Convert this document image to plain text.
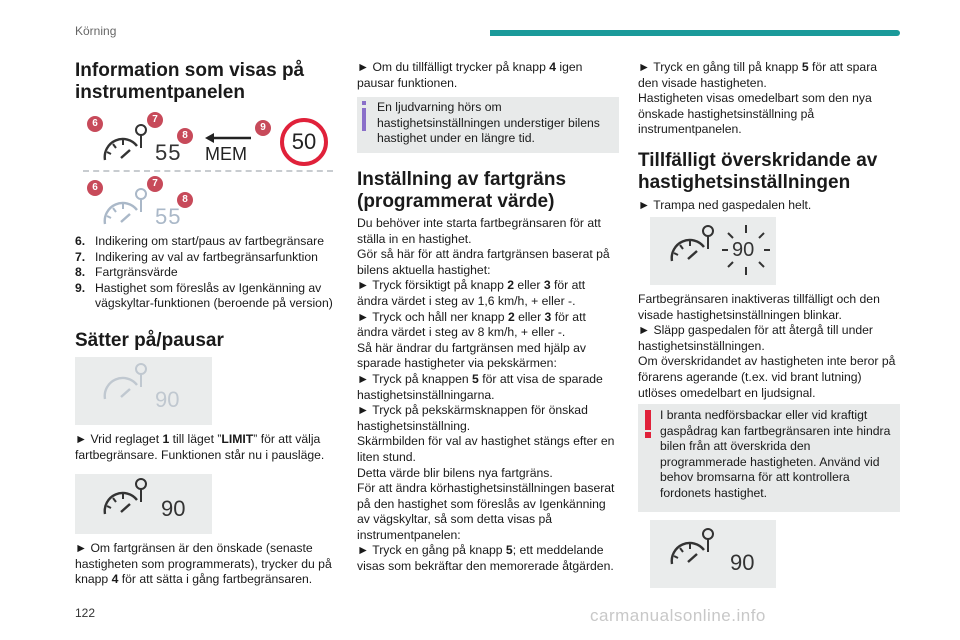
Körning
Information som visas på instrumentpanelen
6	7
8
55 MEM
9
50
6	7
8
55
6. Indikering om start/paus av fartbegränsare
7. Indikering av val av fartbegränsarfunktion
8. Fartgränsvärde
9. Hastighet som föreslås av Igenkänning av vägskyltar-funktionen (beroende på version)
Sätter på/pausar
90
► Vrid reglaget 1 till läget ”LIMIT” för att välja fartbegränsare. Funktionen står nu i pausläge.
90
► Om fartgränsen är den önskade (senaste hastigheten som programmerats), trycker du på knapp 4 för att sätta i gång fartbegränsaren.
► Om du tillfälligt trycker på knapp 4 igen pausar funktionen.
En ljudvarning hörs om hastighetsinställningen understiger bilens hastighet under en längre tid.
Inställning av fartgräns (programmerat värde)
Du behöver inte starta fartbegränsaren för att ställa in en hastighet.
Gör så här för att ändra fartgränsen baserat på bilens aktuella hastighet:
► Tryck försiktigt på knapp 2 eller 3 för att ändra värdet i steg av 1,6 km/h, + eller -.
► Tryck och håll ner knapp 2 eller 3 för att ändra värdet i steg av 8 km/h, + eller -.
Så här ändrar du fartgränsen med hjälp av sparade hastigheter via pekskärmen:
► Tryck på knappen 5 för att visa de sparade hastighetsinställningarna.
► Tryck på pekskärmsknappen för önskad hastighetsinställning.
Skärmbilden för val av hastighet stängs efter en liten stund.
Detta värde blir bilens nya fartgräns.
För att ändra körhastighetsinställningen baserat på den hastighet som föreslås av Igenkänning av vägskyltar, så som detta visas på instrumentpanelen:
► Tryck en gång på knapp 5; ett meddelande visas som bekräftar den memorerade åtgärden.
► Tryck en gång till på knapp 5 för att spara den visade hastigheten.
Hastigheten visas omedelbart som den nya önskade hastighetsinställning på instrumentpanelen.
Tillfälligt överskridande av hastighetsinställningen
► Trampa ned gaspedalen helt.
90
Fartbegränsaren inaktiveras tillfälligt och den visade hastighetsinställningen blinkar.
► Släpp gaspedalen för att återgå till under hastighetsinställningen.
Om överskridandet av hastigheten inte beror på förarens agerande (t.ex. vid brant lutning) utlöses omedelbart en ljudsignal.
I branta nedförsbackar eller vid kraftigt gaspådrag kan fartbegränsaren inte hindra bilen från att överskrida den programmerade hastigheten. Använd vid behov bromsarna för att kontrollera fordonets hastighet.
90
122	carmanualsonline.info
